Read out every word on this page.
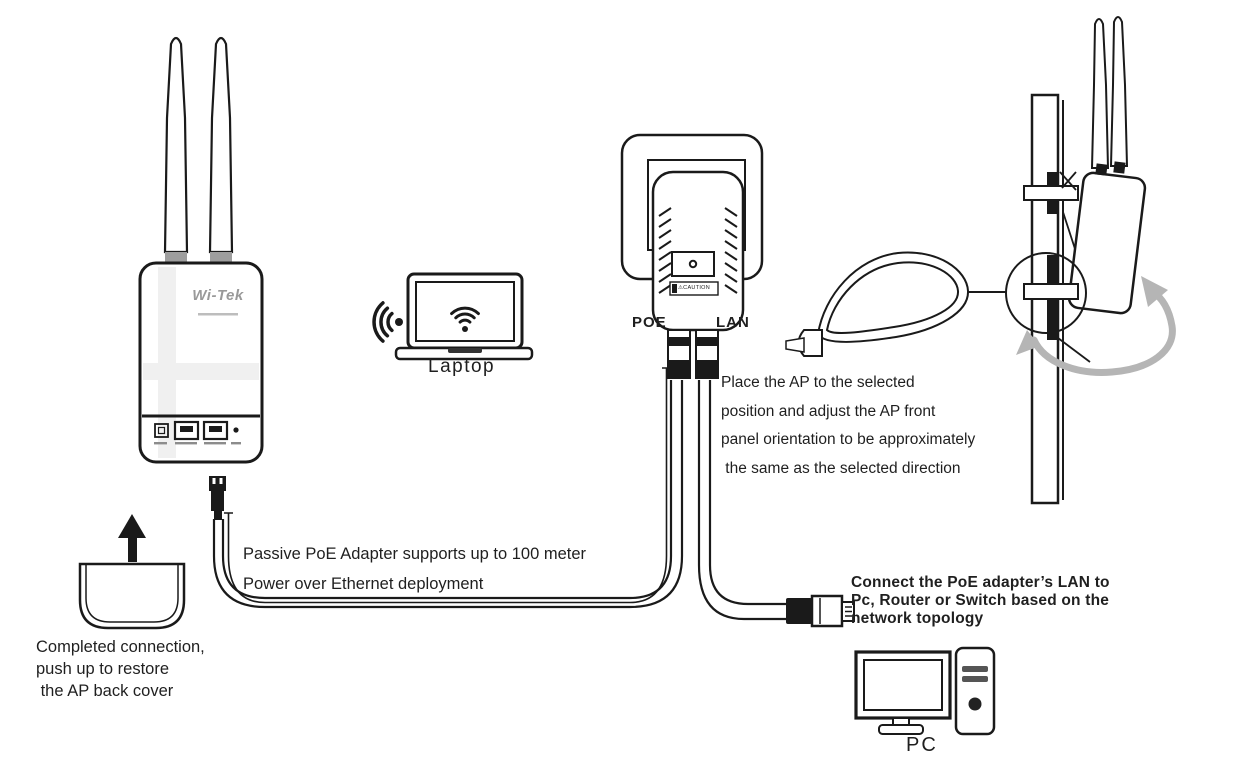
Wi-Tek	⚠CAUTION
Laptop
POE	LAN
PC
Place the AP to the selected
position and adjust the AP front
panel orientation to be approximately
the same as the selected direction
Passive PoE Adapter supports up to 100 meter
Power over Ethernet deployment
Completed connection,
push up to restore
the AP back cover
Connect the PoE adapter’s LAN to
Pc, Router or Switch based on the
network topology
